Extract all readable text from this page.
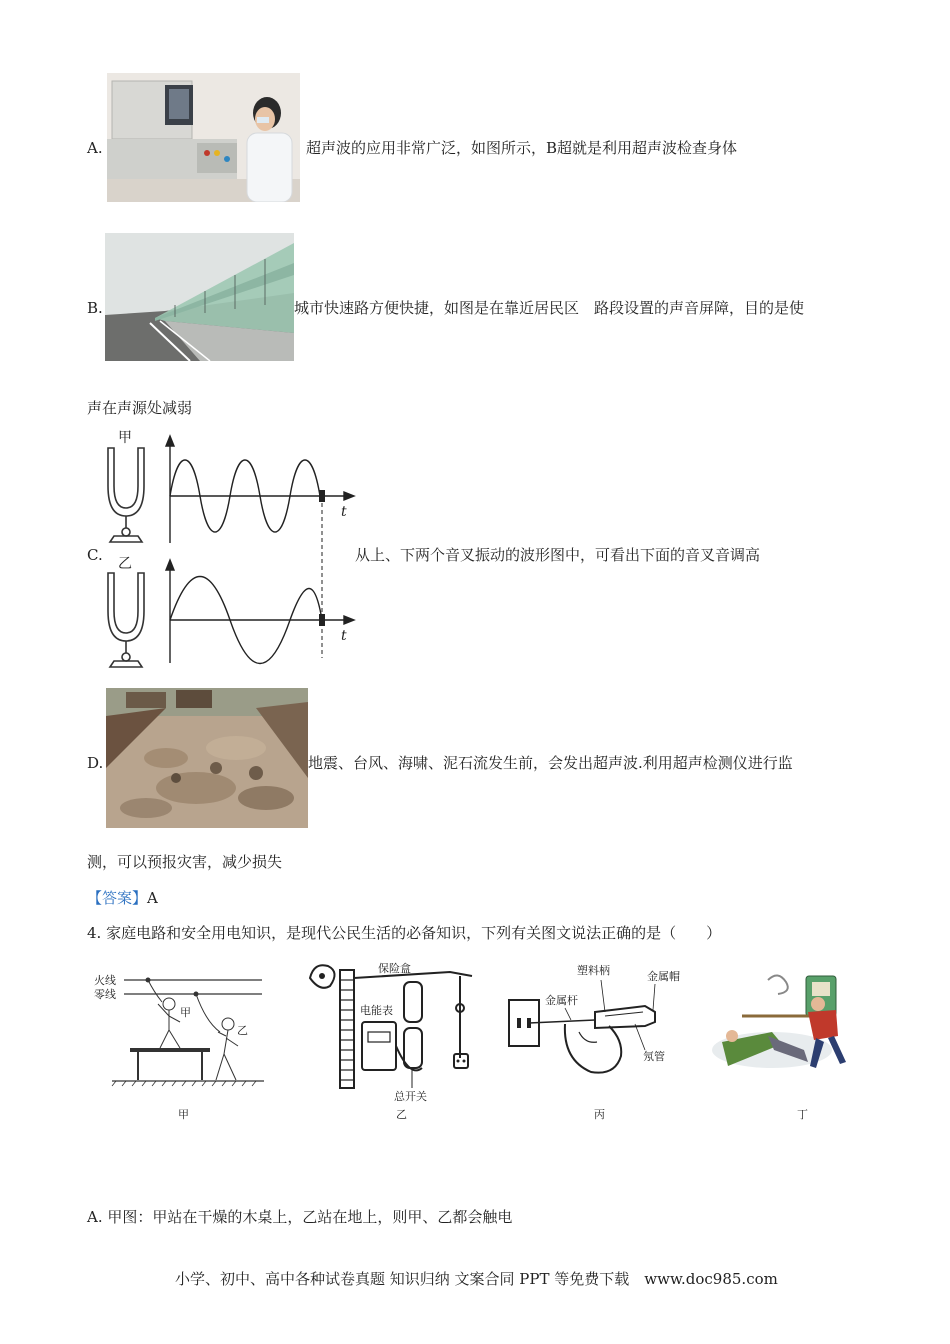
A.	超声波的应用非常广泛，如图所示，B超就是利用超声波检查身体
B.	城市快速路方便快捷，如图是在靠近居民区　路段设置的声音屏障，目的是使
声在声源处减弱
C.
甲
乙
t
t
从上、下两个音叉振动的波形图中，可看出下面的音叉音调高
D.	地震、台风、海啸、泥石流发生前，会发出超声波.利用超声检测仪进行监
测，可以预报灾害，减少损失
【答案】A
4. 家庭电路和安全用电知识，是现代公民生活的必备知识，下列有关图文说法正确的是（　　）
火线
零线
甲
乙
甲
保险盒
电能表
总开关
乙
塑料柄	金属帽
金属杆
氖管
丙	丁
A. 甲图：甲站在干燥的木桌上，乙站在地上，则甲、乙都会触电
小学、初中、高中各种试卷真题 知识归纳 文案合同 PPT 等免费下载　www.doc985.com
